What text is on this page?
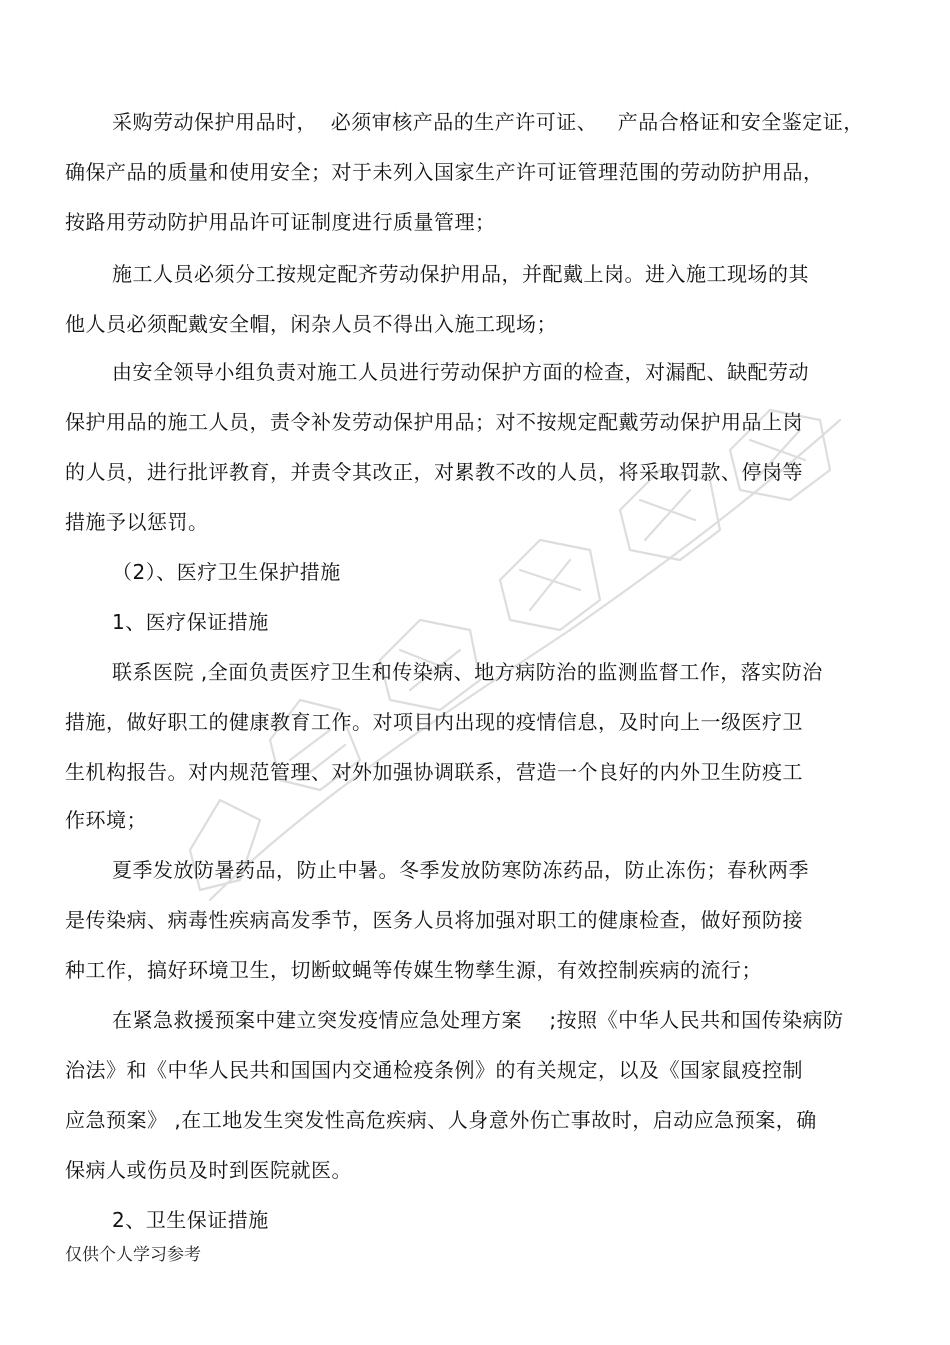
采购劳动保护用品时，  必须审核产品的生产许可证、   产品合格证和安全鉴定证，
确保产品的质量和使用安全；对于未列入国家生产许可证管理范围的劳动防护用品，
按路用劳动防护用品许可证制度进行质量管理；
施工人员必须分工按规定配齐劳动保护用品，并配戴上岗。进入施工现场的其
他人员必须配戴安全帽，闲杂人员不得出入施工现场；
由安全领导小组负责对施工人员进行劳动保护方面的检查，对漏配、缺配劳动
保护用品的施工人员，责令补发劳动保护用品；对不按规定配戴劳动保护用品上岗
的人员，进行批评教育，并责令其改正，对累教不改的人员，将采取罚款、停岗等
措施予以惩罚。
（2）、医疗卫生保护措施
1、医疗保证措施
联系医院 ,全面负责医疗卫生和传染病、地方病防治的监测监督工作，落实防治
措施，做好职工的健康教育工作。对项目内出现的疫情信息，及时向上一级医疗卫
生机构报告。对内规范管理、对外加强协调联系，营造一个良好的内外卫生防疫工
作环境；
夏季发放防暑药品，防止中暑。冬季发放防寒防冻药品，防止冻伤；春秋两季
是传染病、病毒性疾病高发季节，医务人员将加强对职工的健康检查，做好预防接
种工作，搞好环境卫生，切断蚊蝇等传媒生物孳生源，有效控制疾病的流行；
在紧急救援预案中建立突发疫情应急处理方案    ;按照《中华人民共和国传染病防
治法》和《中华人民共和国国内交通检疫条例》的有关规定，以及《国家鼠疫控制
应急预案》 ,在工地发生突发性高危疾病、人身意外伤亡事故时，启动应急预案，确
保病人或伤员及时到医院就医。
2、卫生保证措施
仅供个人学习参考
